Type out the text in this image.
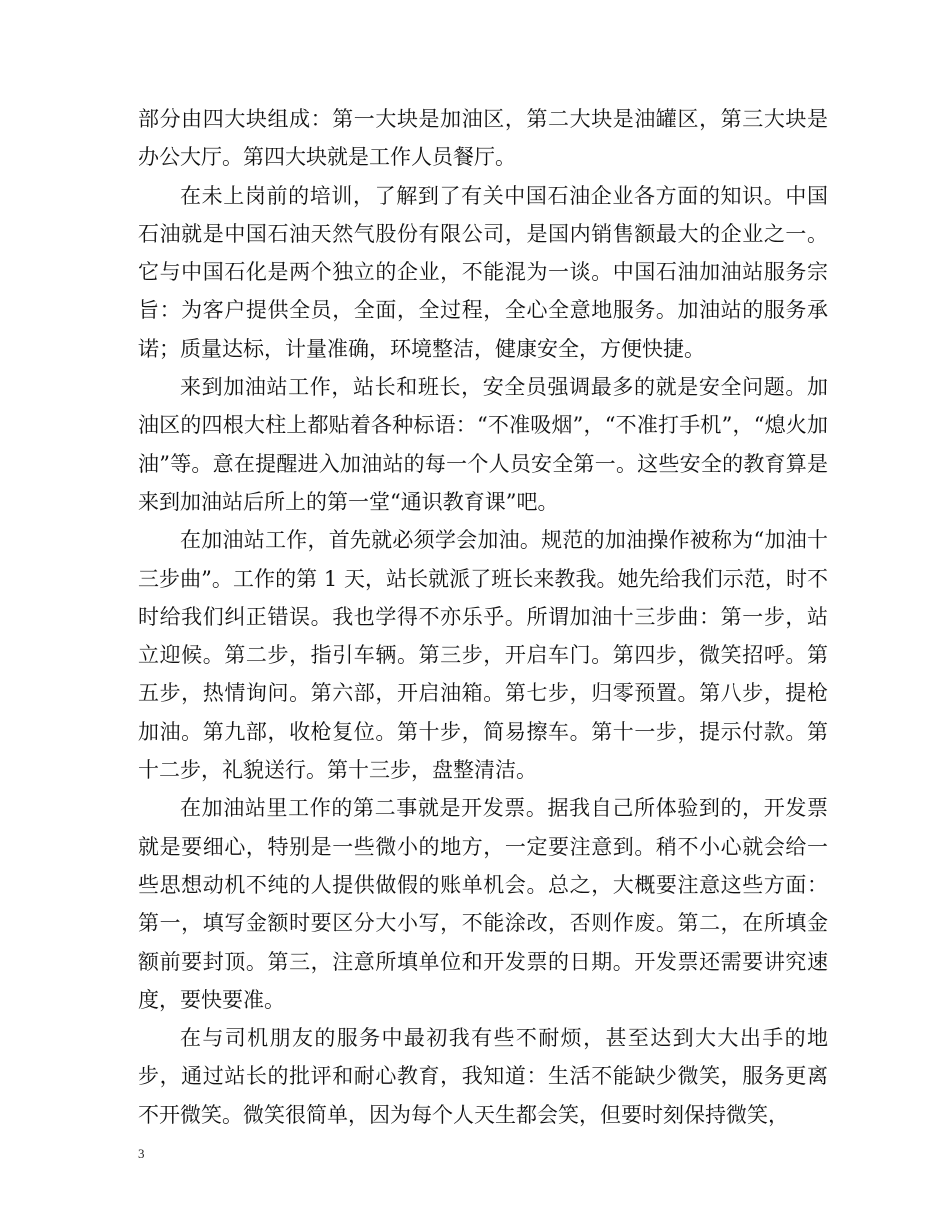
部分由四大块组成：第一大块是加油区，第二大块是油罐区，第三大块是办公大厅。第四大块就是工作人员餐厅。

在未上岗前的培训，了解到了有关中国石油企业各方面的知识。中国石油就是中国石油天然气股份有限公司，是国内销售额最大的企业之一。它与中国石化是两个独立的企业，不能混为一谈。中国石油加油站服务宗旨：为客户提供全员，全面，全过程，全心全意地服务。加油站的服务承诺；质量达标，计量准确，环境整洁，健康安全，方便快捷。

来到加油站工作，站长和班长，安全员强调最多的就是安全问题。加油区的四根大柱上都贴着各种标语：“不准吸烟”，“不准打手机”，“熄火加油”等。意在提醒进入加油站的每一个人员安全第一。这些安全的教育算是来到加油站后所上的第一堂“通识教育课”吧。

在加油站工作，首先就必须学会加油。规范的加油操作被称为“加油十三步曲”。工作的第 1 天，站长就派了班长来教我。她先给我们示范，时不时给我们纠正错误。我也学得不亦乐乎。所谓加油十三步曲：第一步，站立迎候。第二步，指引车辆。第三步，开启车门。第四步，微笑招呼。第五步，热情询问。第六部，开启油箱。第七步，归零预置。第八步，提枪加油。第九部，收枪复位。第十步，简易擦车。第十一步，提示付款。第十二步，礼貌送行。第十三步，盘整清洁。

在加油站里工作的第二事就是开发票。据我自己所体验到的，开发票就是要细心，特别是一些微小的地方，一定要注意到。稍不小心就会给一些思想动机不纯的人提供做假的账单机会。总之，大概要注意这些方面：第一，填写金额时要区分大小写，不能涂改，否则作废。第二，在所填金额前要封顶。第三，注意所填单位和开发票的日期。开发票还需要讲究速度，要快要准。

在与司机朋友的服务中最初我有些不耐烦，甚至达到大大出手的地步，通过站长的批评和耐心教育，我知道：生活不能缺少微笑，服务更离不开微笑。微笑很简单，因为每个人天生都会笑，但要时刻保持微笑，

3
